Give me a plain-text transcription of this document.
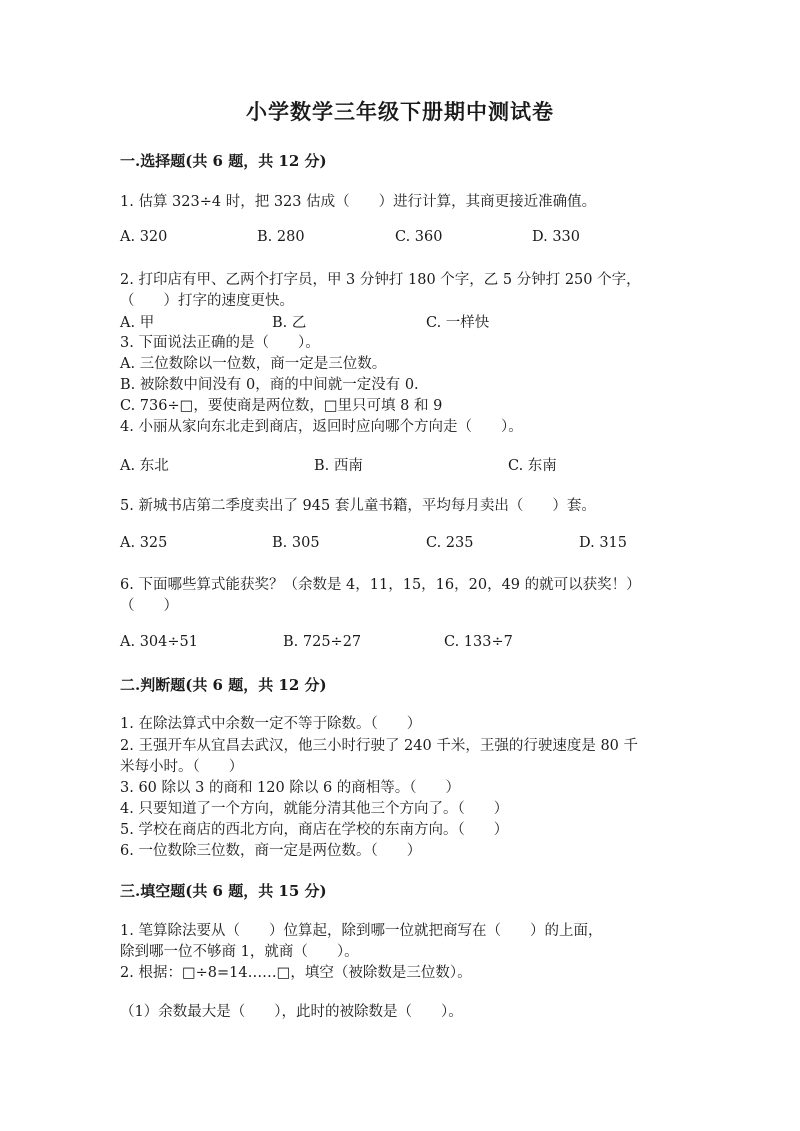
小学数学三年级下册期中测试卷
一.选择题(共 6 题，共 12 分)
1. 估算 323÷4 时，把 323 估成（　　）进行计算，其商更接近准确值。
A. 320	B. 280	C. 360	D. 330
2. 打印店有甲、乙两个打字员，甲 3 分钟打 180 个字，乙 5 分钟打 250 个字，
（　　）打字的速度更快。
A. 甲	B. 乙	C. 一样快
3. 下面说法正确的是（　　）。
A. 三位数除以一位数，商一定是三位数。
B. 被除数中间没有 0，商的中间就一定没有 0.
C. 736÷□，要使商是两位数，□里只可填 8 和 9
4. 小丽从家向东北走到商店，返回时应向哪个方向走（　　）。
A. 东北	B. 西南	C. 东南
5. 新城书店第二季度卖出了 945 套儿童书籍，平均每月卖出（　　）套。
A. 325	B. 305	C. 235	D. 315
6. 下面哪些算式能获奖？（余数是 4，11，15，16，20，49 的就可以获奖！）
（　　）
A. 304÷51	B. 725÷27	C. 133÷7
二.判断题(共 6 题，共 12 分)
1. 在除法算式中余数一定不等于除数。（　　）
2. 王强开车从宜昌去武汉，他三小时行驶了 240 千米，王强的行驶速度是 80 千
米每小时。（　　）
3. 60 除以 3 的商和 120 除以 6 的商相等。（　　）
4. 只要知道了一个方向，就能分清其他三个方向了。（　　）
5. 学校在商店的西北方向，商店在学校的东南方向。（　　）
6. 一位数除三位数，商一定是两位数。（　　）
三.填空题(共 6 题，共 15 分)
1. 笔算除法要从（　　）位算起，除到哪一位就把商写在（　　）的上面，
除到哪一位不够商 1，就商（　　）。
2. 根据：□÷8=14……□，填空（被除数是三位数）。
（1）余数最大是（　　），此时的被除数是（　　）。
